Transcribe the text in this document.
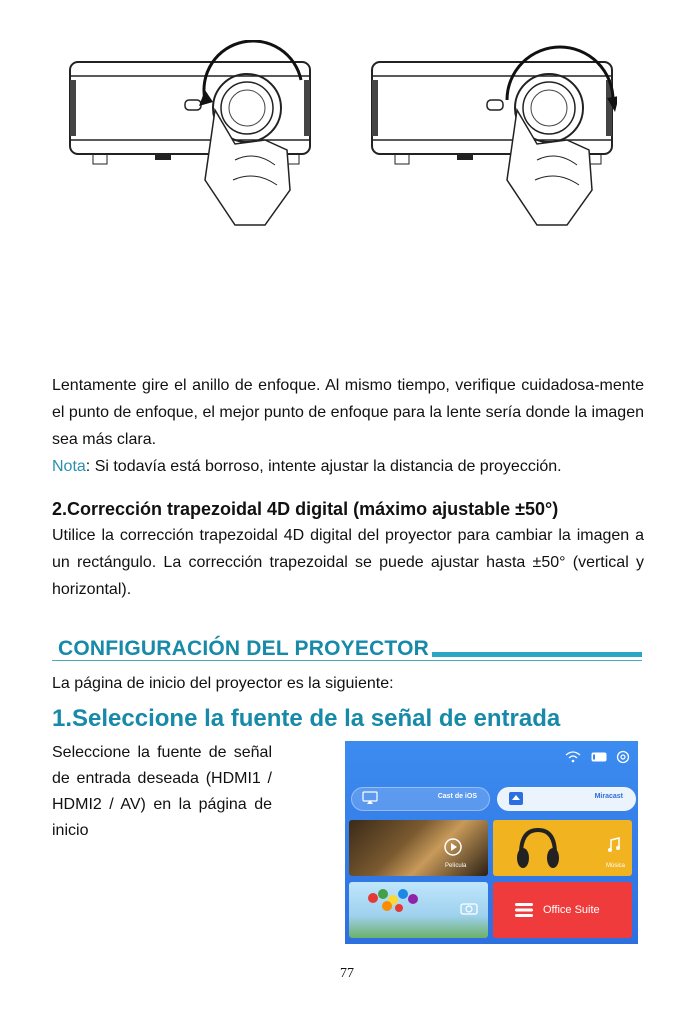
Lentamente gire el anillo de enfoque. Al mismo tiempo, verifique cuidadosa-mente el punto de enfoque, el mejor punto de enfoque para la lente sería donde la imagen sea más clara.
Nota: Si todavía está borroso, intente ajustar la distancia de proyección.
2.Corrección trapezoidal 4D digital (máximo ajustable ±50°)
Utilice la corrección trapezoidal 4D digital del proyector para cambiar la imagen a un rectángulo. La corrección trapezoidal se puede ajustar hasta ±50° (vertical y horizontal).
CONFIGURACIÓN DEL PROYECTOR
La página de inicio del proyector es la siguiente:
1.Seleccione la fuente de la señal de entrada
Seleccione la fuente de señal de entrada deseada (HDMI1 / HDMI2 / AV) en la página de inicio
Cast de iOS	Miracast
Película	Música
Office Suite
77
